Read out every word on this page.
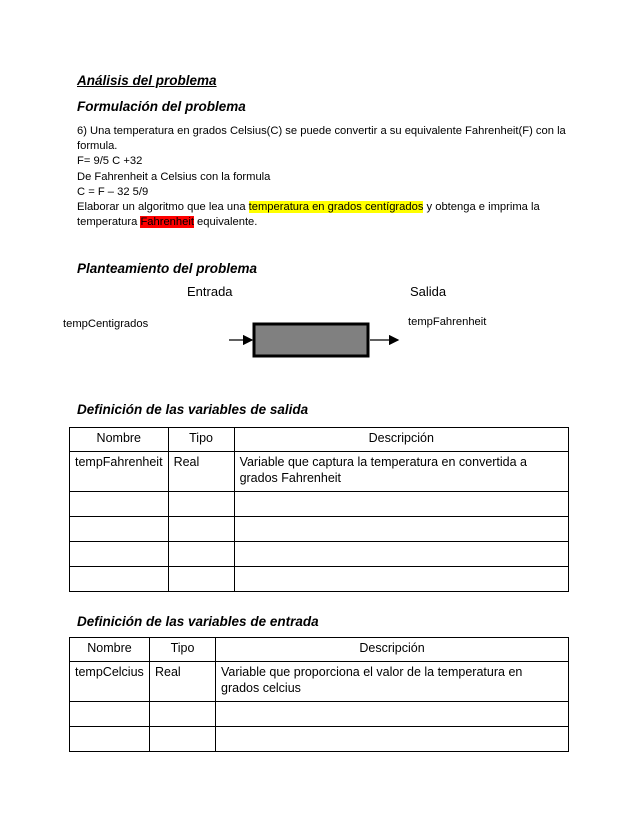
Análisis del problema
Formulación del problema
6) Una temperatura en grados Celsius(C) se puede convertir a su equivalente Fahrenheit(F) con la
formula.
F= 9/5 C +32
De Fahrenheit a Celsius con la formula
C = F – 32 5/9
Elaborar un algoritmo que lea una temperatura en grados centígrados y obtenga e imprima la
temperatura Fahrenheit equivalente.
Planteamiento del problema
Entrada	Salida
tempCentigrados	tempFahrenheit
Definición de las variables de salida
Nombre	Tipo	Descripción
tempFahrenheit	Real	Variable que captura la temperatura en convertida a grados Fahrenheit

Definición de las variables de entrada
Nombre	Tipo	Descripción
tempCelcius	Real	Variable que proporciona el valor de la temperatura en grados celcius
